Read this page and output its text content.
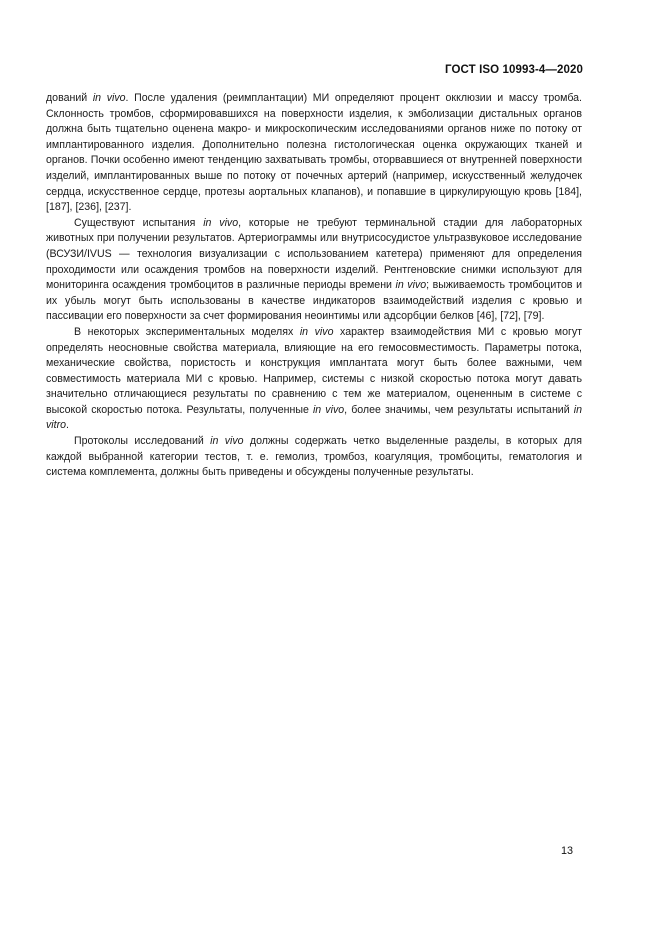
ГОСТ ISO 10993-4—2020

дований in vivo. После удаления (реимплантации) МИ определяют процент окклюзии и массу тромба. Склонность тромбов, сформировавшихся на поверхности изделия, к эмболизации дистальных органов должна быть тщательно оценена макро- и микроскопическим исследованиями органов ниже по потоку от имплантированного изделия. Дополнительно полезна гистологическая оценка окружающих тканей и органов. Почки особенно имеют тенденцию захватывать тромбы, оторвавшиеся от внутренней поверхности изделий, имплантированных выше по потоку от почечных артерий (например, искусственный желудочек сердца, искусственное сердце, протезы аортальных клапанов), и попавшие в циркулирующую кровь [184], [187], [236], [237].

Существуют испытания in vivo, которые не требуют терминальной стадии для лабораторных животных при получении результатов. Артериограммы или внутрисосудистое ультразвуковое исследование (ВСУЗИ/IVUS — технология визуализации с использованием катетера) применяют для определения проходимости или осаждения тромбов на поверхности изделий. Рентгеновские снимки используют для мониторинга осаждения тромбоцитов в различные периоды времени in vivo; выживаемость тромбоцитов и их убыль могут быть использованы в качестве индикаторов взаимодействий изделия с кровью и пассивации его поверхности за счет формирования неоинтимы или адсорбции белков [46], [72], [79].

В некоторых экспериментальных моделях in vivo характер взаимодействия МИ с кровью могут определять неосновные свойства материала, влияющие на его гемосовместимость. Параметры потока, механические свойства, пористость и конструкция имплантата могут быть более важными, чем совместимость материала МИ с кровью. Например, системы с низкой скоростью потока могут давать значительно отличающиеся результаты по сравнению с тем же материалом, оцененным в системе с высокой скоростью потока. Результаты, полученные in vivo, более значимы, чем результаты испытаний in vitro.

Протоколы исследований in vivo должны содержать четко выделенные разделы, в которых для каждой выбранной категории тестов, т. е. гемолиз, тромбоз, коагуляция, тромбоциты, гематология и система комплемента, должны быть приведены и обсуждены полученные результаты.

13
